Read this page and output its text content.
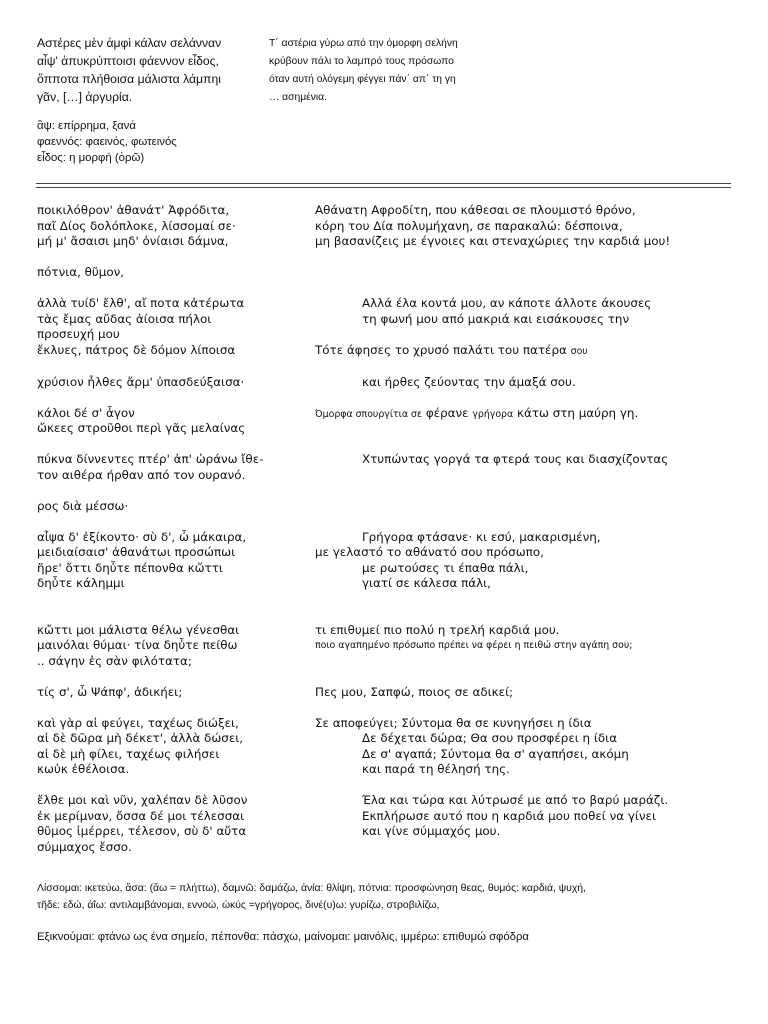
Αστέρες μὲν ἀμφὶ κάλαν σελάνναν
αἶψ' ἀπυκρύπτοισι φάεννον εἶδος,
ὅπποτα πλήθοισα μάλιστα λάμπηι
γᾶν, […] ἀργυρία.
ἂψ: επίρρημα, ξανά
φαεννός: φαεινός, φωτεινός
εἶδος: η μορφή (ὁρῶ)
Τ΄ αστέρια γύρω από την όμορφη σελήνη
κρύβουν πάλι το λαμπρό τους πρόσωπο
όταν αυτή ολόγεμη φέγγει πάν΄ απ΄ τη γη
… ασημένια.
ποικιλόθρον' ἀθανάτ' Ἀφρόδιτα,
παῖ Δίος δολόπλοκε, λίσσομαί σε·
μή μ' ἄσαισι μηδ' ὀνίαισι δάμνα,
Αθάνατη Αφροδίτη, που κάθεσαι σε πλουμιστό θρόνο,
κόρη του Δία πολυμήχανη, σε παρακαλώ: δέσποινα,
μη βασανίζεις με έγνοιες και στεναχώριες την καρδιά μου!
πότνια, θῦμον,
ἀλλὰ τυίδ' ἔλθ', αἴ ποτα κἀτέρωτα
τὰς ἔμας αὔδας ἀίοισα πήλοι
προσευχή μου
ἔκλυες, πάτρος δὲ δόμον λίποισα
Αλλά έλα κοντά μου, αν κάποτε άλλοτε άκουσες
τη φωνή μου από μακριά και εισάκουσες την

Τότε άφησες το χρυσό παλάτι του πατέρα σου
χρύσιον ἦλθες ἄρμ' ὐπασδεύξαισα·	και ήρθες ζεύοντας την άμαξά σου.
κάλοι δέ σ' ἆγον
ὤκεες στροῦθοι περὶ γᾶς μελαίνας
Όμορφα σπουργίτια σε φέρανε γρήγορα κάτω στη μαύρη γη.
πύκνα δίννεντες πτέρ' ἀπ' ὠράνω ἴθε-
τον αιθέρα ήρθαν από τον ουρανό.
Χτυπώντας γοργά τα φτερά τους και διασχίζοντας
ρος διὰ μέσσω·
αἶψα δ' ἐξίκοντο· σὺ δ', ὦ μάκαιρα,
μειδιαίσαισ' ἀθανάτωι προσώπωι
ἤρε' ὄττι δηὖτε πέπονθα κὤττι
δηὖτε κάλημμι
Γρήγορα φτάσανε· κι εσύ, μακαρισμένη,
με γελαστό το αθάνατό σου πρόσωπο,
με ρωτούσες τι έπαθα πάλι,
γιατί σε κάλεσα πάλι,
κὤττι μοι μάλιστα θέλω γένεσθαι
μαινόλαι θύμαι· τίνα δηὖτε πείθω
.. σάγην ἐς σὰν φιλότατα;
τι επιθυμεί πιο πολύ η τρελή καρδιά μου.
ποιο αγαπημένο πρόσωπο πρέπει να φέρει η πειθώ στην αγάπη σου;
τίς σ', ὦ Ψάπφ', ἀδικήει;	Πες μου, Σαπφώ, ποιος σε αδικεί;
καὶ γὰρ αἰ φεύγει, ταχέως διώξει,
αἰ δὲ δῶρα μὴ δέκετ', ἀλλὰ δώσει,
αἰ δὲ μὴ φίλει, ταχέως φιλήσει
κωὐκ ἐθέλοισα.
Σε αποφεύγει; Σύντομα θα σε κυνηγήσει η ίδια
Δε δέχεται δώρα; Θα σου προσφέρει η ίδια
Δε σ' αγαπά; Σύντομα θα σ' αγαπήσει, ακόμη
και παρά τη θέλησή της.
ἔλθε μοι καὶ νῦν, χαλέπαν δὲ λῦσον
ἐκ μερίμναν, ὄσσα δέ μοι τέλεσσαι
θῦμος ἰμέρρει, τέλεσον, σὺ δ' αὔτα
σύμμαχος ἔσσο.
Έλα και τώρα και λύτρωσέ με από το βαρύ μαράζι.
Εκπλήρωσε αυτό που η καρδιά μου ποθεί να γίνει
και γίνε σύμμαχός μου.
Λίσσομαι: ικετεύω, ἄσα: (ἄω = πλήττω), δαμνῶ: δαμάζω, ἀνία: θλίψη, πότνια: προσφώνηση θεας, θυμός: καρδιά, ψυχή,
τῆδε: εδώ, ἀΐω: αντιλαμβάνομαι, εννοώ, ὠκύς =γρήγορος, δινέ(υ)ω: γυρίζω, στροβιλίζω,
Εξικνούμαι: φτάνω ως ένα σημείο, πέπονθα: πάσχω, μαίνομαι: μαινόλις, ιμμέρω: επιθυμώ σφόδρα
